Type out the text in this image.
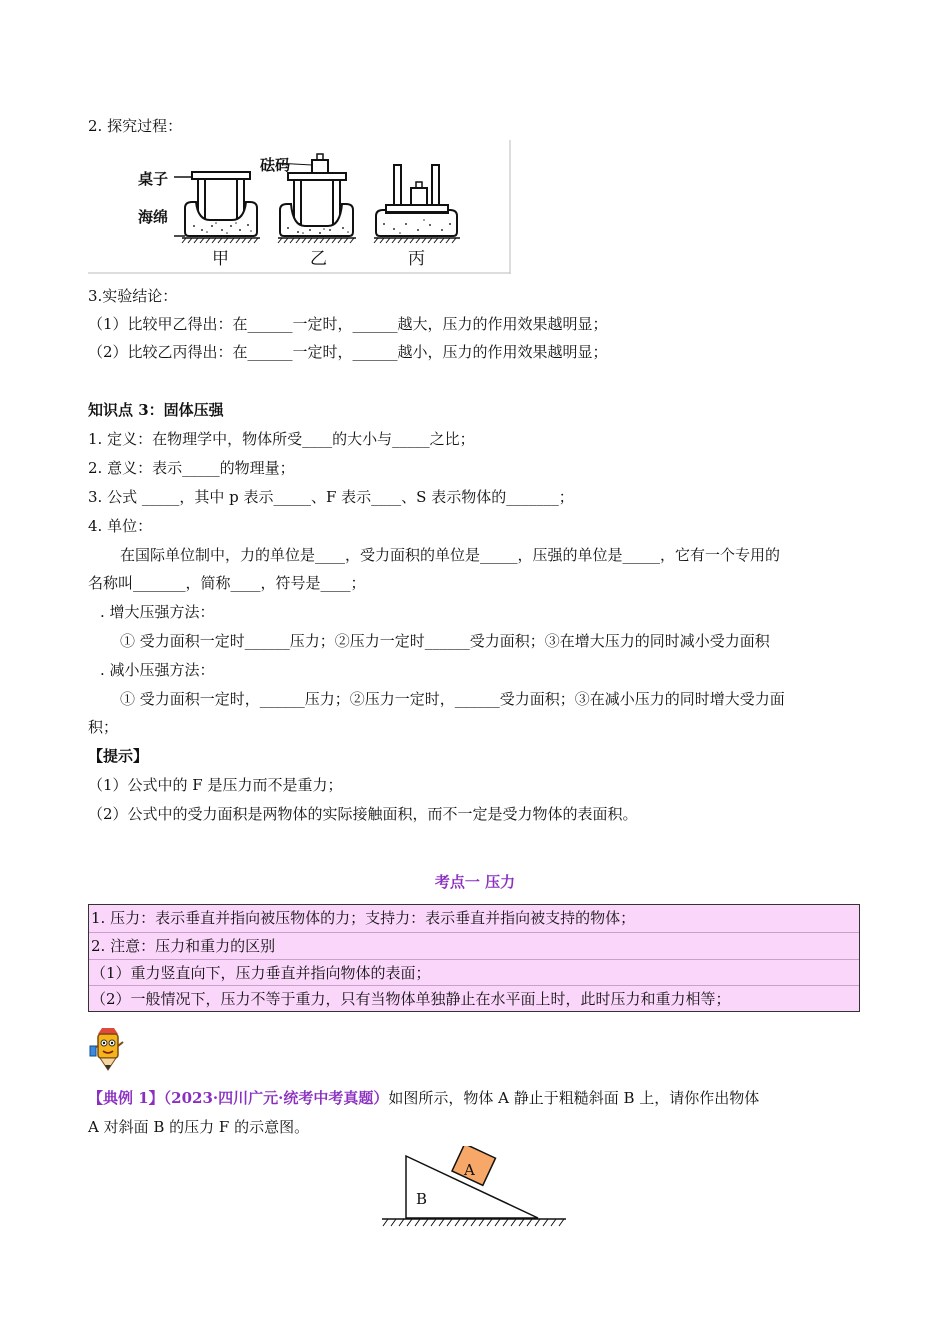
2. 探究过程：
桌子
砝码
海绵
甲	乙	丙
3.实验结论：
（1）比较甲乙得出：在______一定时，______越大，压力的作用效果越明显；
（2）比较乙丙得出：在______一定时，______越小，压力的作用效果越明显；
知识点 3：固体压强
1. 定义：在物理学中，物体所受____的大小与_____之比；
2. 意义：表示_____的物理量；
3. 公式 _____，其中 p 表示_____、F 表示____、S 表示物体的_______；
4. 单位：
在国际单位制中，力的单位是____，受力面积的单位是_____，压强的单位是_____，它有一个专用的
名称叫_______，简称____，符号是____；
. 增大压强方法：
① 受力面积一定时______压力；②压力一定时______受力面积；③在增大压力的同时减小受力面积
. 减小压强方法：
① 受力面积一定时，______压力；②压力一定时，______受力面积；③在减小压力的同时增大受力面
积；
【提示】
（1）公式中的 F 是压力而不是重力；
（2）公式中的受力面积是两物体的实际接触面积，而不一定是受力物体的表面积。
考点一 压力
1. 压力：表示垂直并指向被压物体的力；支持力：表示垂直并指向被支持的物体；
2. 注意：压力和重力的区别
（1）重力竖直向下，压力垂直并指向物体的表面；
（2）一般情况下，压力不等于重力，只有当物体单独静止在水平面上时，此时压力和重力相等；
【典例 1】（2023·四川广元·统考中考真题）如图所示，物体 A 静止于粗糙斜面 B 上，请你作出物体
A 对斜面 B 的压力 F 的示意图。
A
B
